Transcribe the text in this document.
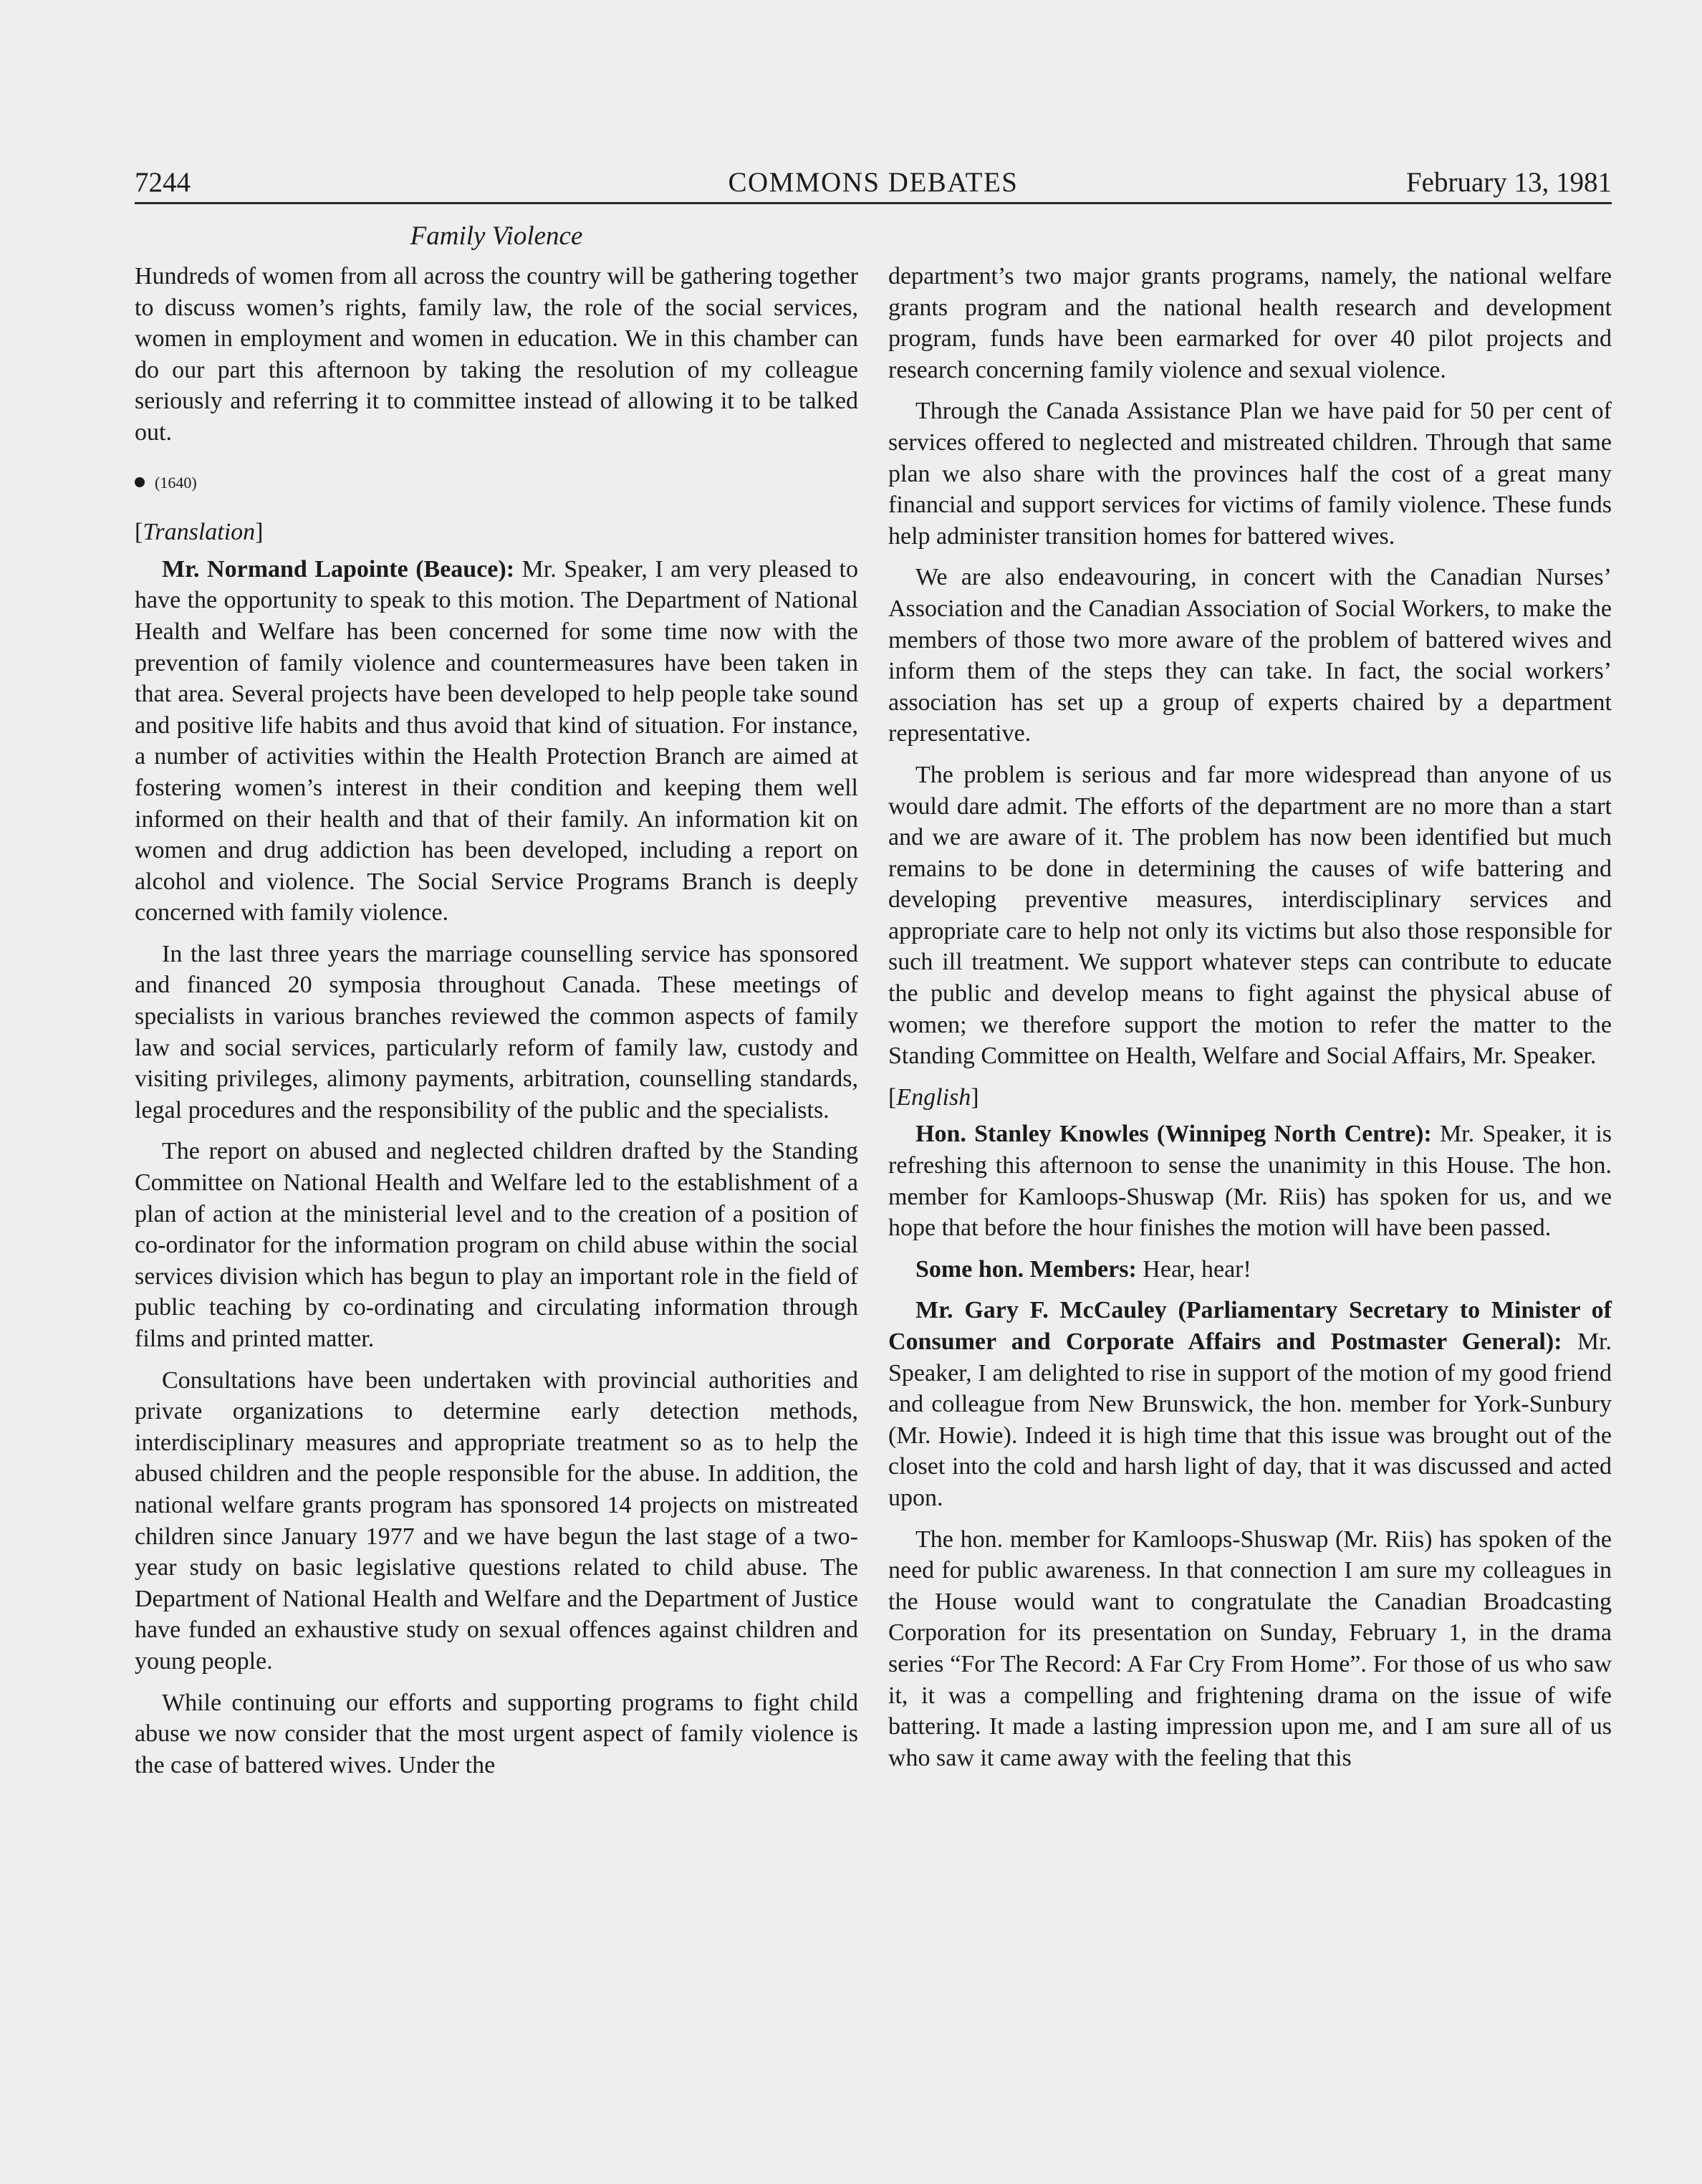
7244	COMMONS DEBATES	February 13, 1981
Family Violence

Hundreds of women from all across the country will be gathering together to discuss women’s rights, family law, the role of the social services, women in employment and women in education. We in this chamber can do our part this afternoon by taking the resolution of my colleague seriously and referring it to committee instead of allowing it to be talked out.

(1640)

[Translation]

Mr. Normand Lapointe (Beauce): Mr. Speaker, I am very pleased to have the opportunity to speak to this motion. The Department of National Health and Welfare has been concerned for some time now with the prevention of family violence and countermeasures have been taken in that area. Several projects have been developed to help people take sound and positive life habits and thus avoid that kind of situation. For instance, a number of activities within the Health Protection Branch are aimed at fostering women’s interest in their condition and keeping them well informed on their health and that of their family. An information kit on women and drug addiction has been developed, including a report on alcohol and violence. The Social Service Programs Branch is deeply concerned with family violence.

In the last three years the marriage counselling service has sponsored and financed 20 symposia throughout Canada. These meetings of specialists in various branches reviewed the common aspects of family law and social services, particularly reform of family law, custody and visiting privileges, alimony payments, arbitration, counselling standards, legal procedures and the responsibility of the public and the specialists.

The report on abused and neglected children drafted by the Standing Committee on National Health and Welfare led to the establishment of a plan of action at the ministerial level and to the creation of a position of co-ordinator for the information program on child abuse within the social services division which has begun to play an important role in the field of public teaching by co-ordinating and circulating information through films and printed matter.

Consultations have been undertaken with provincial authorities and private organizations to determine early detection methods, interdisciplinary measures and appropriate treatment so as to help the abused children and the people responsible for the abuse. In addition, the national welfare grants program has sponsored 14 projects on mistreated children since January 1977 and we have begun the last stage of a two-year study on basic legislative questions related to child abuse. The Department of National Health and Welfare and the Department of Justice have funded an exhaustive study on sexual offences against children and young people.

While continuing our efforts and supporting programs to fight child abuse we now consider that the most urgent aspect of family violence is the case of battered wives. Under the

department’s two major grants programs, namely, the national welfare grants program and the national health research and development program, funds have been earmarked for over 40 pilot projects and research concerning family violence and sexual violence.

Through the Canada Assistance Plan we have paid for 50 per cent of services offered to neglected and mistreated children. Through that same plan we also share with the provinces half the cost of a great many financial and support services for victims of family violence. These funds help administer transition homes for battered wives.

We are also endeavouring, in concert with the Canadian Nurses’ Association and the Canadian Association of Social Workers, to make the members of those two more aware of the problem of battered wives and inform them of the steps they can take. In fact, the social workers’ association has set up a group of experts chaired by a department representative.

The problem is serious and far more widespread than anyone of us would dare admit. The efforts of the department are no more than a start and we are aware of it. The problem has now been identified but much remains to be done in determining the causes of wife battering and developing preventive measures, interdisciplinary services and appropriate care to help not only its victims but also those responsible for such ill treatment. We support whatever steps can contribute to educate the public and develop means to fight against the physical abuse of women; we therefore support the motion to refer the matter to the Standing Committee on Health, Welfare and Social Affairs, Mr. Speaker.

[English]

Hon. Stanley Knowles (Winnipeg North Centre): Mr. Speaker, it is refreshing this afternoon to sense the unanimity in this House. The hon. member for Kamloops-Shuswap (Mr. Riis) has spoken for us, and we hope that before the hour finishes the motion will have been passed.

Some hon. Members: Hear, hear!

Mr. Gary F. McCauley (Parliamentary Secretary to Minister of Consumer and Corporate Affairs and Postmaster General): Mr. Speaker, I am delighted to rise in support of the motion of my good friend and colleague from New Brunswick, the hon. member for York-Sunbury (Mr. Howie). Indeed it is high time that this issue was brought out of the closet into the cold and harsh light of day, that it was discussed and acted upon.

The hon. member for Kamloops-Shuswap (Mr. Riis) has spoken of the need for public awareness. In that connection I am sure my colleagues in the House would want to congratulate the Canadian Broadcasting Corporation for its presentation on Sunday, February 1, in the drama series “For The Record: A Far Cry From Home”. For those of us who saw it, it was a compelling and frightening drama on the issue of wife battering. It made a lasting impression upon me, and I am sure all of us who saw it came away with the feeling that this
